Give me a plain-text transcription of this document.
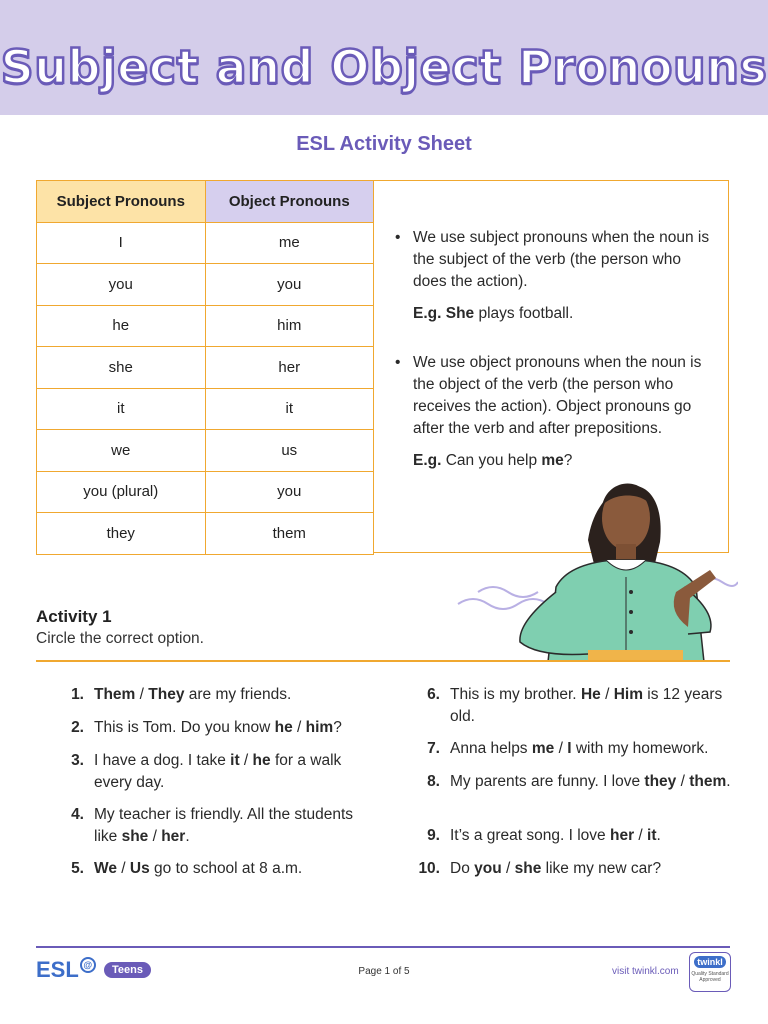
Subject and Object Pronouns
ESL Activity Sheet
Subject Pronouns	Object Pronouns
I	me
you	you
he	him
she	her
it	it
we	us
you (plural)	you
they	them
• We use subject pronouns when the noun is the subject of the verb (the person who does the action).
E.g. She plays football.
• We use object pronouns when the noun is the object of the verb (the person who receives the action). Object pronouns go after the verb and after prepositions.
E.g. Can you help me?
Activity 1
Circle the correct option.
1. Them / They are my friends.
2. This is Tom. Do you know he / him?
3. I have a dog. I take it / he for a walk every day.
4. My teacher is friendly. All the students like she / her.
5. We / Us go to school at 8 a.m.
6. This is my brother. He / Him is 12 years old.
7. Anna helps me / I with my homework.
8. My parents are funny. I love they / them.
9. It’s a great song. I love her / it.
10. Do you / she like my new car?
ESL @	Teens	Page 1 of 5	visit twinkl.com
twinkl
Quality Standard Approved
